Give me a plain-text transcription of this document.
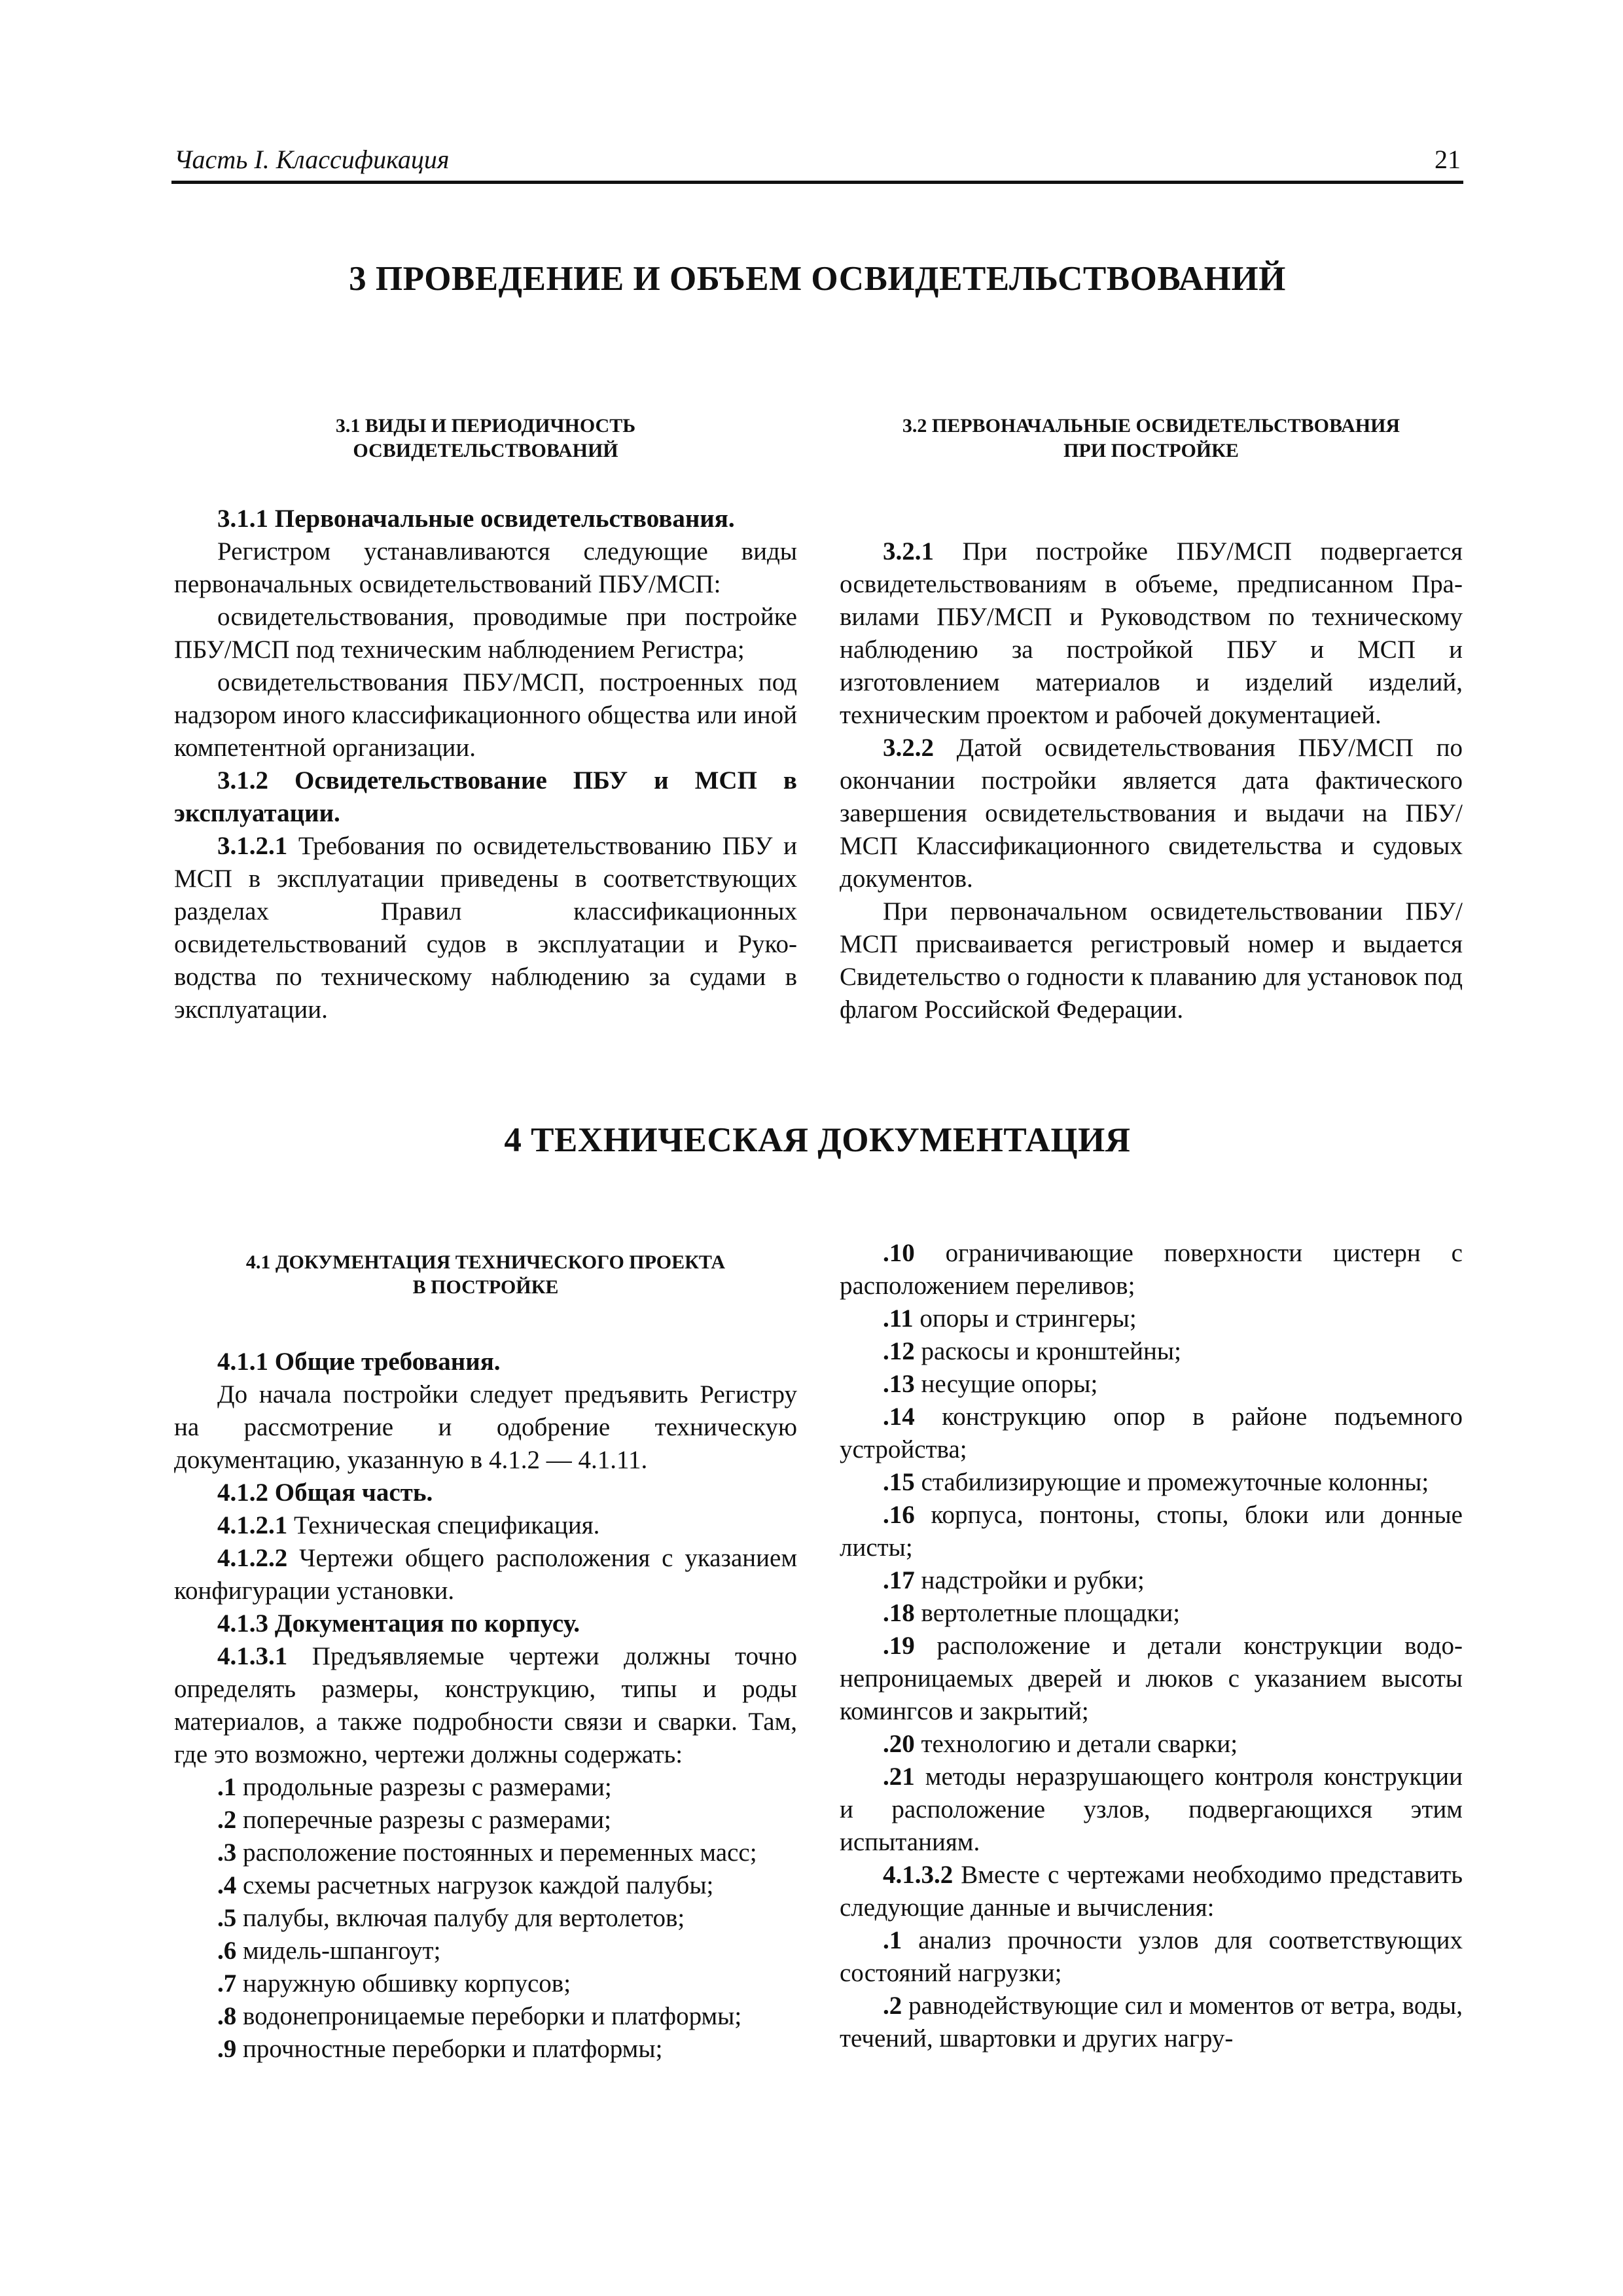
Часть I. Классификация	21
3 ПРОВЕДЕНИЕ И ОБЪЕМ ОСВИДЕТЕЛЬСТВОВАНИЙ
3.1 ВИДЫ И ПЕРИОДИЧНОСТЬ
ОСВИДЕТЕЛЬСТВОВАНИЙ

3.1.1 Первоначальные освидетельствования.

Регистром устанавливаются следующие виды первоначальных освидетельствований ПБУ/МСП:

освидетельствования, проводимые при постройке ПБУ/МСП под техническим наблюдением Регистра;

освидетельствования ПБУ/МСП, построенных под надзором иного классификационного общества или иной компетентной организации.

3.1.2 Освидетельствование ПБУ и МСП в эксплуатации.

3.1.2.1 Требования по освидетельствованию ПБУ и МСП в эксплуатации приведены в соответствующих разделах Правил классификационных освидетельствований судов в эксплуатации и Руководства по техническому наблюдению за судами в эксплуатации.

3.2 ПЕРВОНАЧАЛЬНЫЕ ОСВИДЕТЕЛЬСТВОВАНИЯ
ПРИ ПОСТРОЙКЕ

3.2.1 При постройке ПБУ/МСП подвергается освидетельствованиям в объеме, предписанном Правилами ПБУ/МСП и Руководством по техническому наблюдению за постройкой ПБУ и МСП и изготовлением материалов и изделий изделий, техническим проектом и рабочей документацией.

3.2.2 Датой освидетельствования ПБУ/МСП по окончании постройки является дата фактического завершения освидетельствования и выдачи на ПБУ/МСП Классификационного свидетельства и судовых документов.

При первоначальном освидетельствовании ПБУ/МСП присваивается регистровый номер и выдается Свидетельство о годности к плаванию для установок под флагом Российской Федерации.

4 ТЕХНИЧЕСКАЯ ДОКУМЕНТАЦИЯ
4.1 ДОКУМЕНТАЦИЯ ТЕХНИЧЕСКОГО ПРОЕКТА
В ПОСТРОЙКЕ

4.1.1 Общие требования.

До начала постройки следует предъявить Регистру на рассмотрение и одобрение техническую документацию, указанную в 4.1.2 — 4.1.11.

4.1.2 Общая часть.

4.1.2.1 Техническая спецификация.

4.1.2.2 Чертежи общего расположения с указанием конфигурации установки.

4.1.3 Документация по корпусу.

4.1.3.1 Предъявляемые чертежи должны точно определять размеры, конструкцию, типы и роды материалов, а также подробности связи и сварки. Там, где это возможно, чертежи должны содержать:

.1 продольные разрезы с размерами;

.2 поперечные разрезы с размерами;

.3 расположение постоянных и переменных масс;

.4 схемы расчетных нагрузок каждой палубы;

.5 палубы, включая палубу для вертолетов;

.6 мидель-шпангоут;

.7 наружную обшивку корпусов;

.8 водонепроницаемые переборки и платформы;

.9 прочностные переборки и платформы;

.10 ограничивающие поверхности цистерн с расположением переливов;

.11 опоры и стрингеры;

.12 раскосы и кронштейны;

.13 несущие опоры;

.14 конструкцию опор в районе подъемного устройства;

.15 стабилизирующие и промежуточные колонны;

.16 корпуса, понтоны, стопы, блоки или донные листы;

.17 надстройки и рубки;

.18 вертолетные площадки;

.19 расположение и детали конструкции водонепроницаемых дверей и люков с указанием высоты комингсов и закрытий;

.20 технологию и детали сварки;

.21 методы неразрушающего контроля конструкции и расположение узлов, подвергающихся этим испытаниям.

4.1.3.2 Вместе с чертежами необходимо представить следующие данные и вычисления:

.1 анализ прочности узлов для соответствующих состояний нагрузки;

.2 равнодействующие сил и моментов от ветра, воды, течений, швартовки и других нагру-
